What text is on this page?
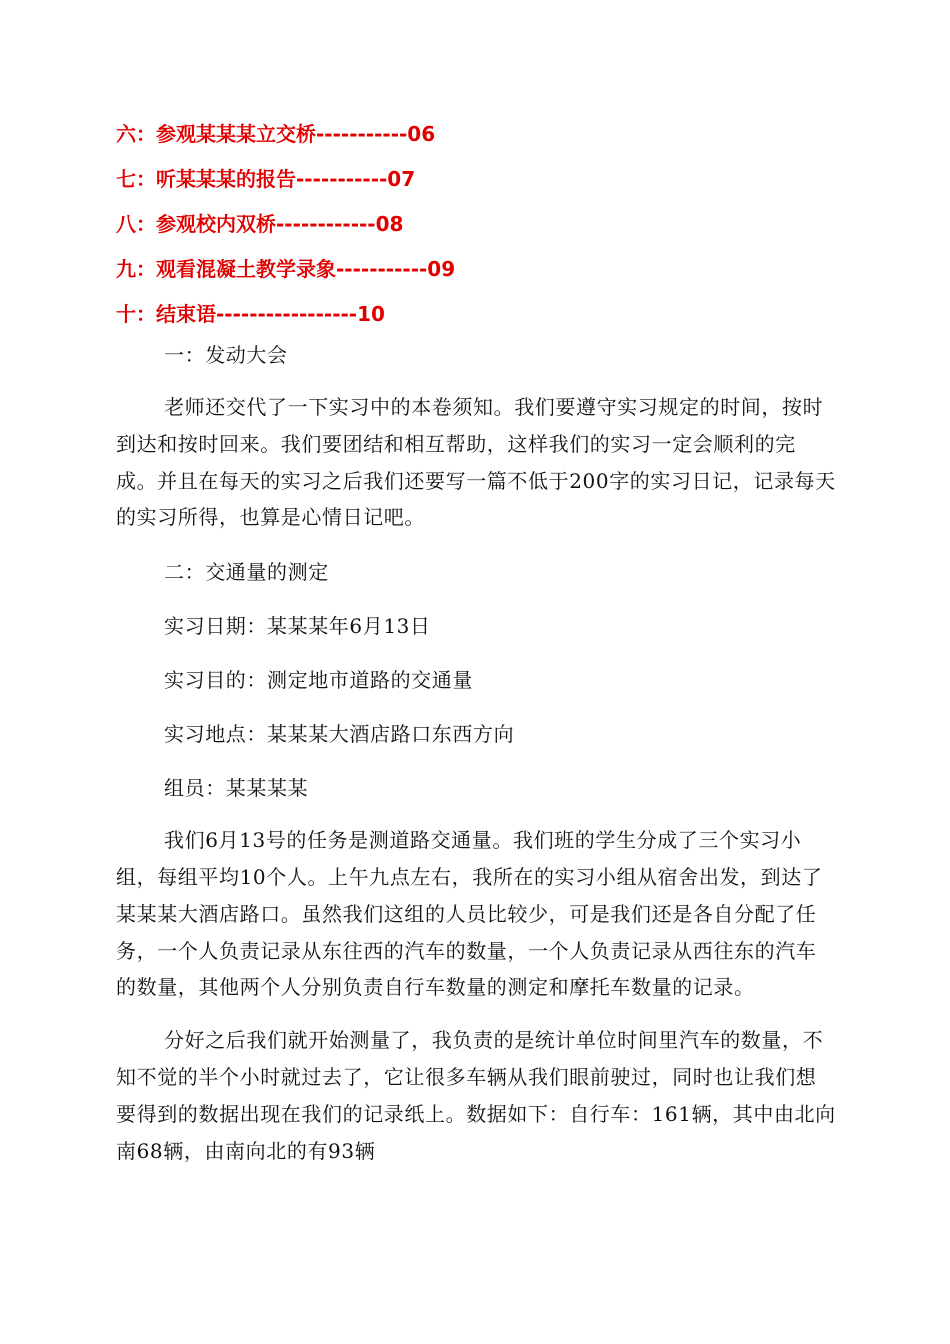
六：参观某某某立交桥-----------06
七：听某某某的报告-----------07
八：参观校内双桥------------08
九：观看混凝土教学录象-----------09
十：结束语-----------------10

一：发动大会

老师还交代了一下实习中的本卷须知。我们要遵守实习规定的时间，按时到达和按时回来。我们要团结和相互帮助，这样我们的实习一定会顺利的完成。并且在每天的实习之后我们还要写一篇不低于200字的实习日记，记录每天的实习所得，也算是心情日记吧。

二：交通量的测定

实习日期：某某某年6月13日

实习目的：测定地市道路的交通量

实习地点：某某某大酒店路口东西方向

组员：某某某某

我们6月13号的任务是测道路交通量。我们班的学生分成了三个实习小组，每组平均10个人。上午九点左右，我所在的实习小组从宿舍出发，到达了某某某大酒店路口。虽然我们这组的人员比较少，可是我们还是各自分配了任务，一个人负责记录从东往西的汽车的数量，一个人负责记录从西往东的汽车的数量，其他两个人分别负责自行车数量的测定和摩托车数量的记录。

分好之后我们就开始测量了，我负责的是统计单位时间里汽车的数量，不知不觉的半个小时就过去了，它让很多车辆从我们眼前驶过，同时也让我们想要得到的数据出现在我们的记录纸上。数据如下：自行车：161辆，其中由北向南68辆，由南向北的有93辆
